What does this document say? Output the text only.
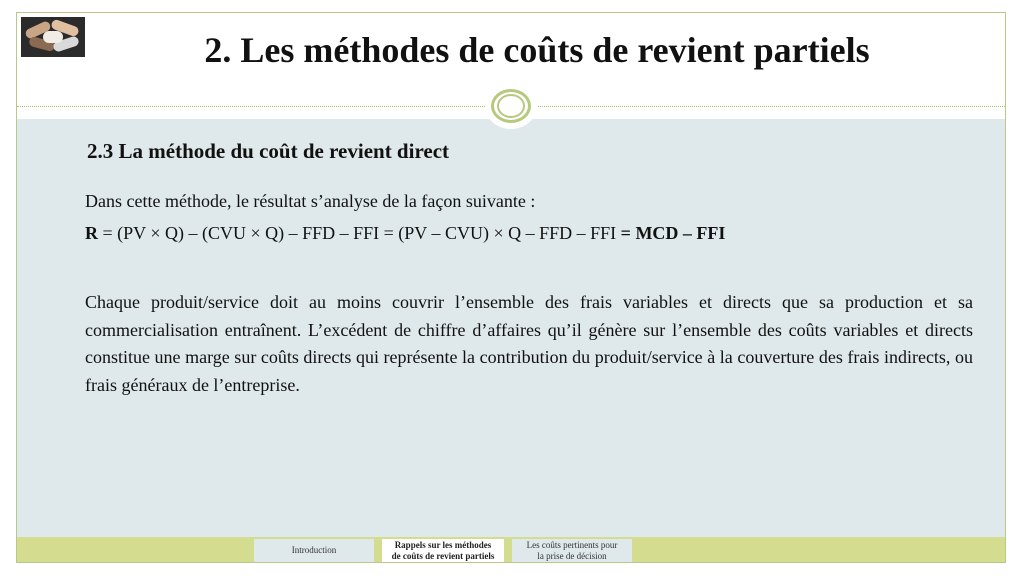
2. Les méthodes de coûts de revient partiels
2.3 La méthode du coût de revient direct
Dans cette méthode, le résultat s’analyse de la façon suivante :
R = (PV × Q) – (CVU × Q) – FFD – FFI = (PV – CVU) × Q – FFD – FFI = MCD – FFI
Chaque produit/service doit au moins couvrir l’ensemble des frais variables et directs que sa production et sa commercialisation entraînent. L’excédent de chiffre d’affaires qu’il génère sur l’ensemble des coûts variables et directs constitue une marge sur coûts directs qui représente la contribution du produit/service à la couverture des frais indirects, ou frais généraux de l’entreprise.
Introduction
Rappels sur les méthodes
de coûts de revient partiels
Les coûts pertinents pour
la prise de décision
